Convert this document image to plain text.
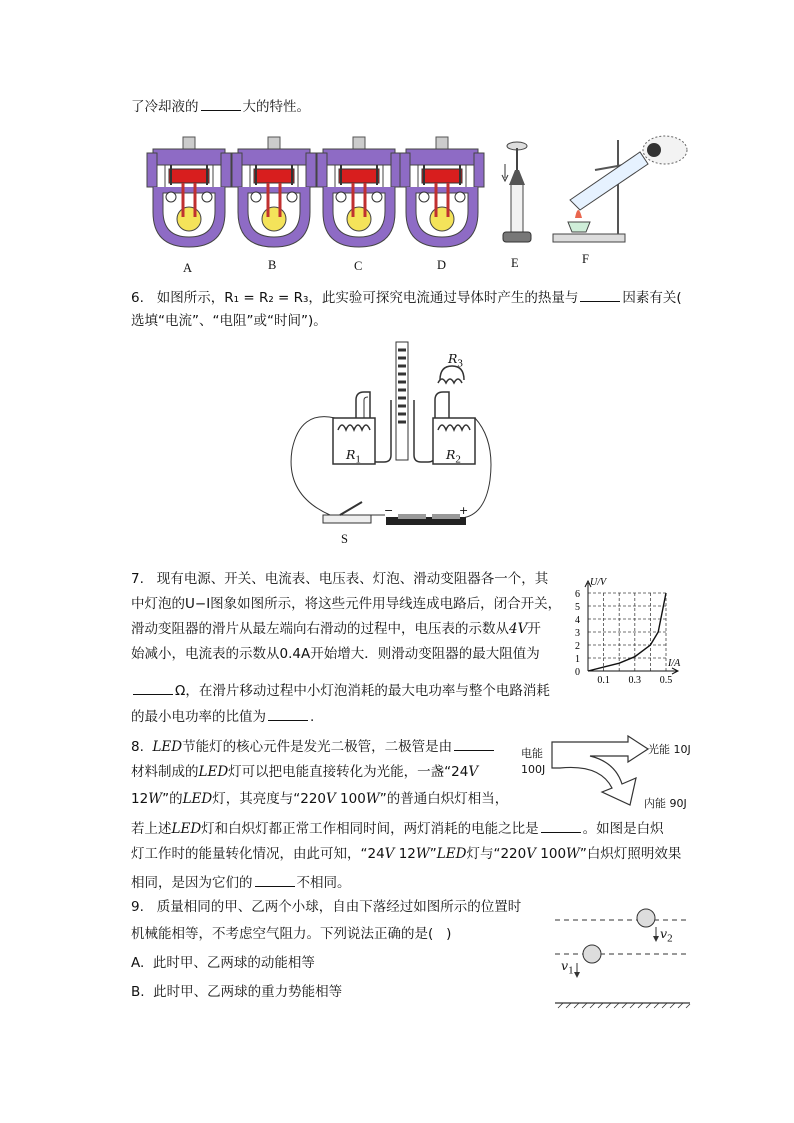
了冷却液的	大的特性。
A	B	C	D	E	F
6.   如图所示，R₁ = R₂ = R₃，此实验可探究电流通过导体时产生的热量与	因素有关(
选填“电流”、“电阻”或“时间”)。
$R_3$
$R_1$	$R_2$
S
−	+
7.   现有电源、开关、电流表、电压表、灯泡、滑动变阻器各一个，其
中灯泡的U−I图象如图所示，将这些元件用导线连成电路后，闭合开关，
滑动变阻器的滑片从最左端向右滑动的过程中，电压表的示数从4V开
始减小，电流表的示数从0.4A开始增大．则滑动变阻器的最大阻值为
Ω，在滑片移动过程中小灯泡消耗的最大电功率与整个电路消耗
的最小电功率的比值为	.
1
2
3
4
5
6
0.1 0.3 0.5
0
U/V
I/A
8.  LED节能灯的核心元件是发光二极管，二极管是由
材料制成的LED灯可以把电能直接转化为光能，一盏“24V
12W”的LED灯，其亮度与“220V 100W”的普通白炽灯相当，
若上述LED灯和白炽灯都正常工作相同时间，两灯消耗的电能之比是	。如图是白炽
灯工作时的能量转化情况，由此可知，“24V 12W”LED灯与“220V 100W”白炽灯照明效果
相同，是因为它们的	不相同。
电能
100J
光能 10J
内能 90J
9.   质量相同的甲、乙两个小球，自由下落经过如图所示的位置时
机械能相等，不考虑空气阻力。下列说法正确的是(   )
A.  此时甲、乙两球的动能相等
B.  此时甲、乙两球的重力势能相等
$v_2$
$v_1$
